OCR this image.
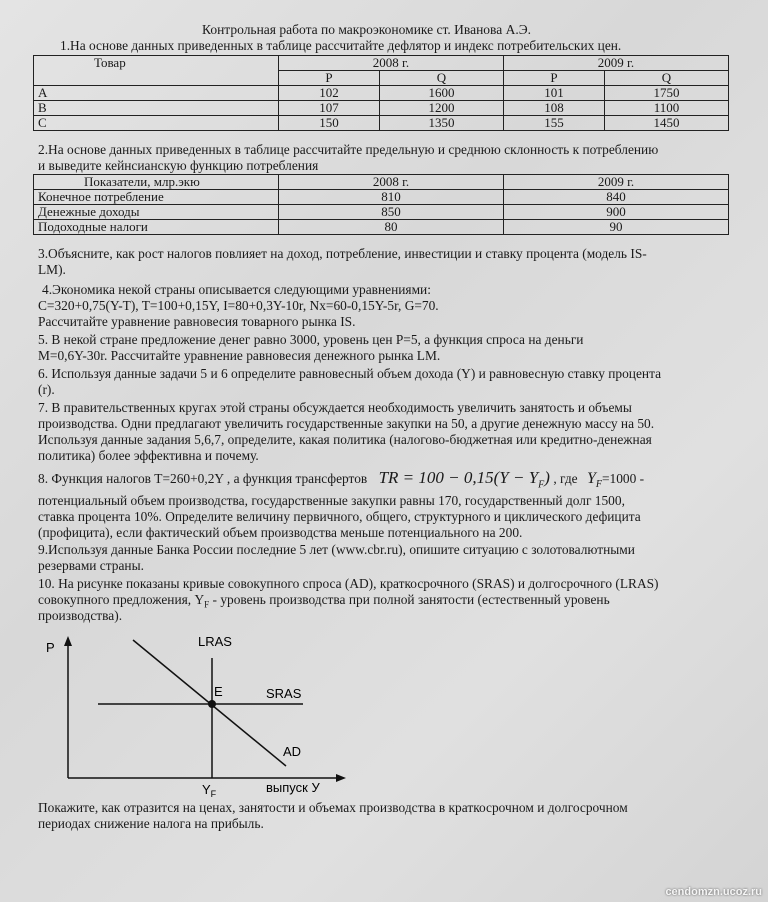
Контрольная работа по макроэкономике ст. Иванова А.Э.
1.На основе данных приведенных в таблице рассчитайте дефлятор и индекс потребительских цен.
Товар	2008 г.		2009 г.	
	P	Q	P	Q
A	102	1600	101	1750
B	107	1200	108	1100
C	150	1350	155	1450
2.На основе данных приведенных в таблице рассчитайте предельную и среднюю склонность к потреблению
и выведите кейнсианскую функцию потребления
Показатели, млр.экю	2008 г.	2009 г.
Конечное потребление	810	840
Денежные доходы	850	900
Подоходные налоги	80	90
3.Объясните, как рост налогов повлияет на доход, потребление, инвестиции и ставку процента (модель IS-
LM).
4.Экономика некой страны описывается следующими уравнениями:
C=320+0,75(Y-T), T=100+0,15Y, I=80+0,3Y-10r, Nx=60-0,15Y-5r, G=70.
Рассчитайте уравнение равновесия товарного рынка IS.
5. В некой стране предложение денег равно 3000, уровень цен P=5, а функция спроса на деньги
M=0,6Y-30r. Рассчитайте уравнение равновесия денежного рынка LM.
6. Используя данные задачи 5 и 6 определите равновесный объем дохода (Y) и равновесную ставку процента
(r).
7. В правительственных кругах этой страны обсуждается необходимость увеличить занятость и объемы
производства. Одни предлагают увеличить государственные закупки на 50, а другие денежную массу на 50.
Используя данные задания 5,6,7, определите, какая политика (налогово-бюджетная или кредитно-денежная
политика) более эффективна и почему.
8. Функция налогов T=260+0,2Y , а функция трансфертов TR = $100 - 0,15(Y - Y_F)$ , где $Y_F=1000$ -
потенциальный объем производства, государственные закупки равны 170, государственный долг 1500,
ставка процента 10%. Определите величину первичного, общего, структурного и циклического дефицита
(профицита), если фактический объем производства меньше потенциального на 200.
9.Используя данные Банка России последние 5 лет (www.cbr.ru), опишите ситуацию с золотовалютными
резервами страны.
10. На рисунке показаны кривые совокупного спроса (AD), краткосрочного (SRAS) и долгосрочного (LRAS)
совокупного предложения, $Y_F$ - уровень производства при полной занятости (естественный уровень
производства).
P	LRAS
E	SRAS
AD
$Y_F$	выпуск У
Покажите, как отразится на ценах, занятости и объемах производства в краткосрочном и долгосрочном
периодах снижение налога на прибыль.
cendomzn.ucoz.ru
